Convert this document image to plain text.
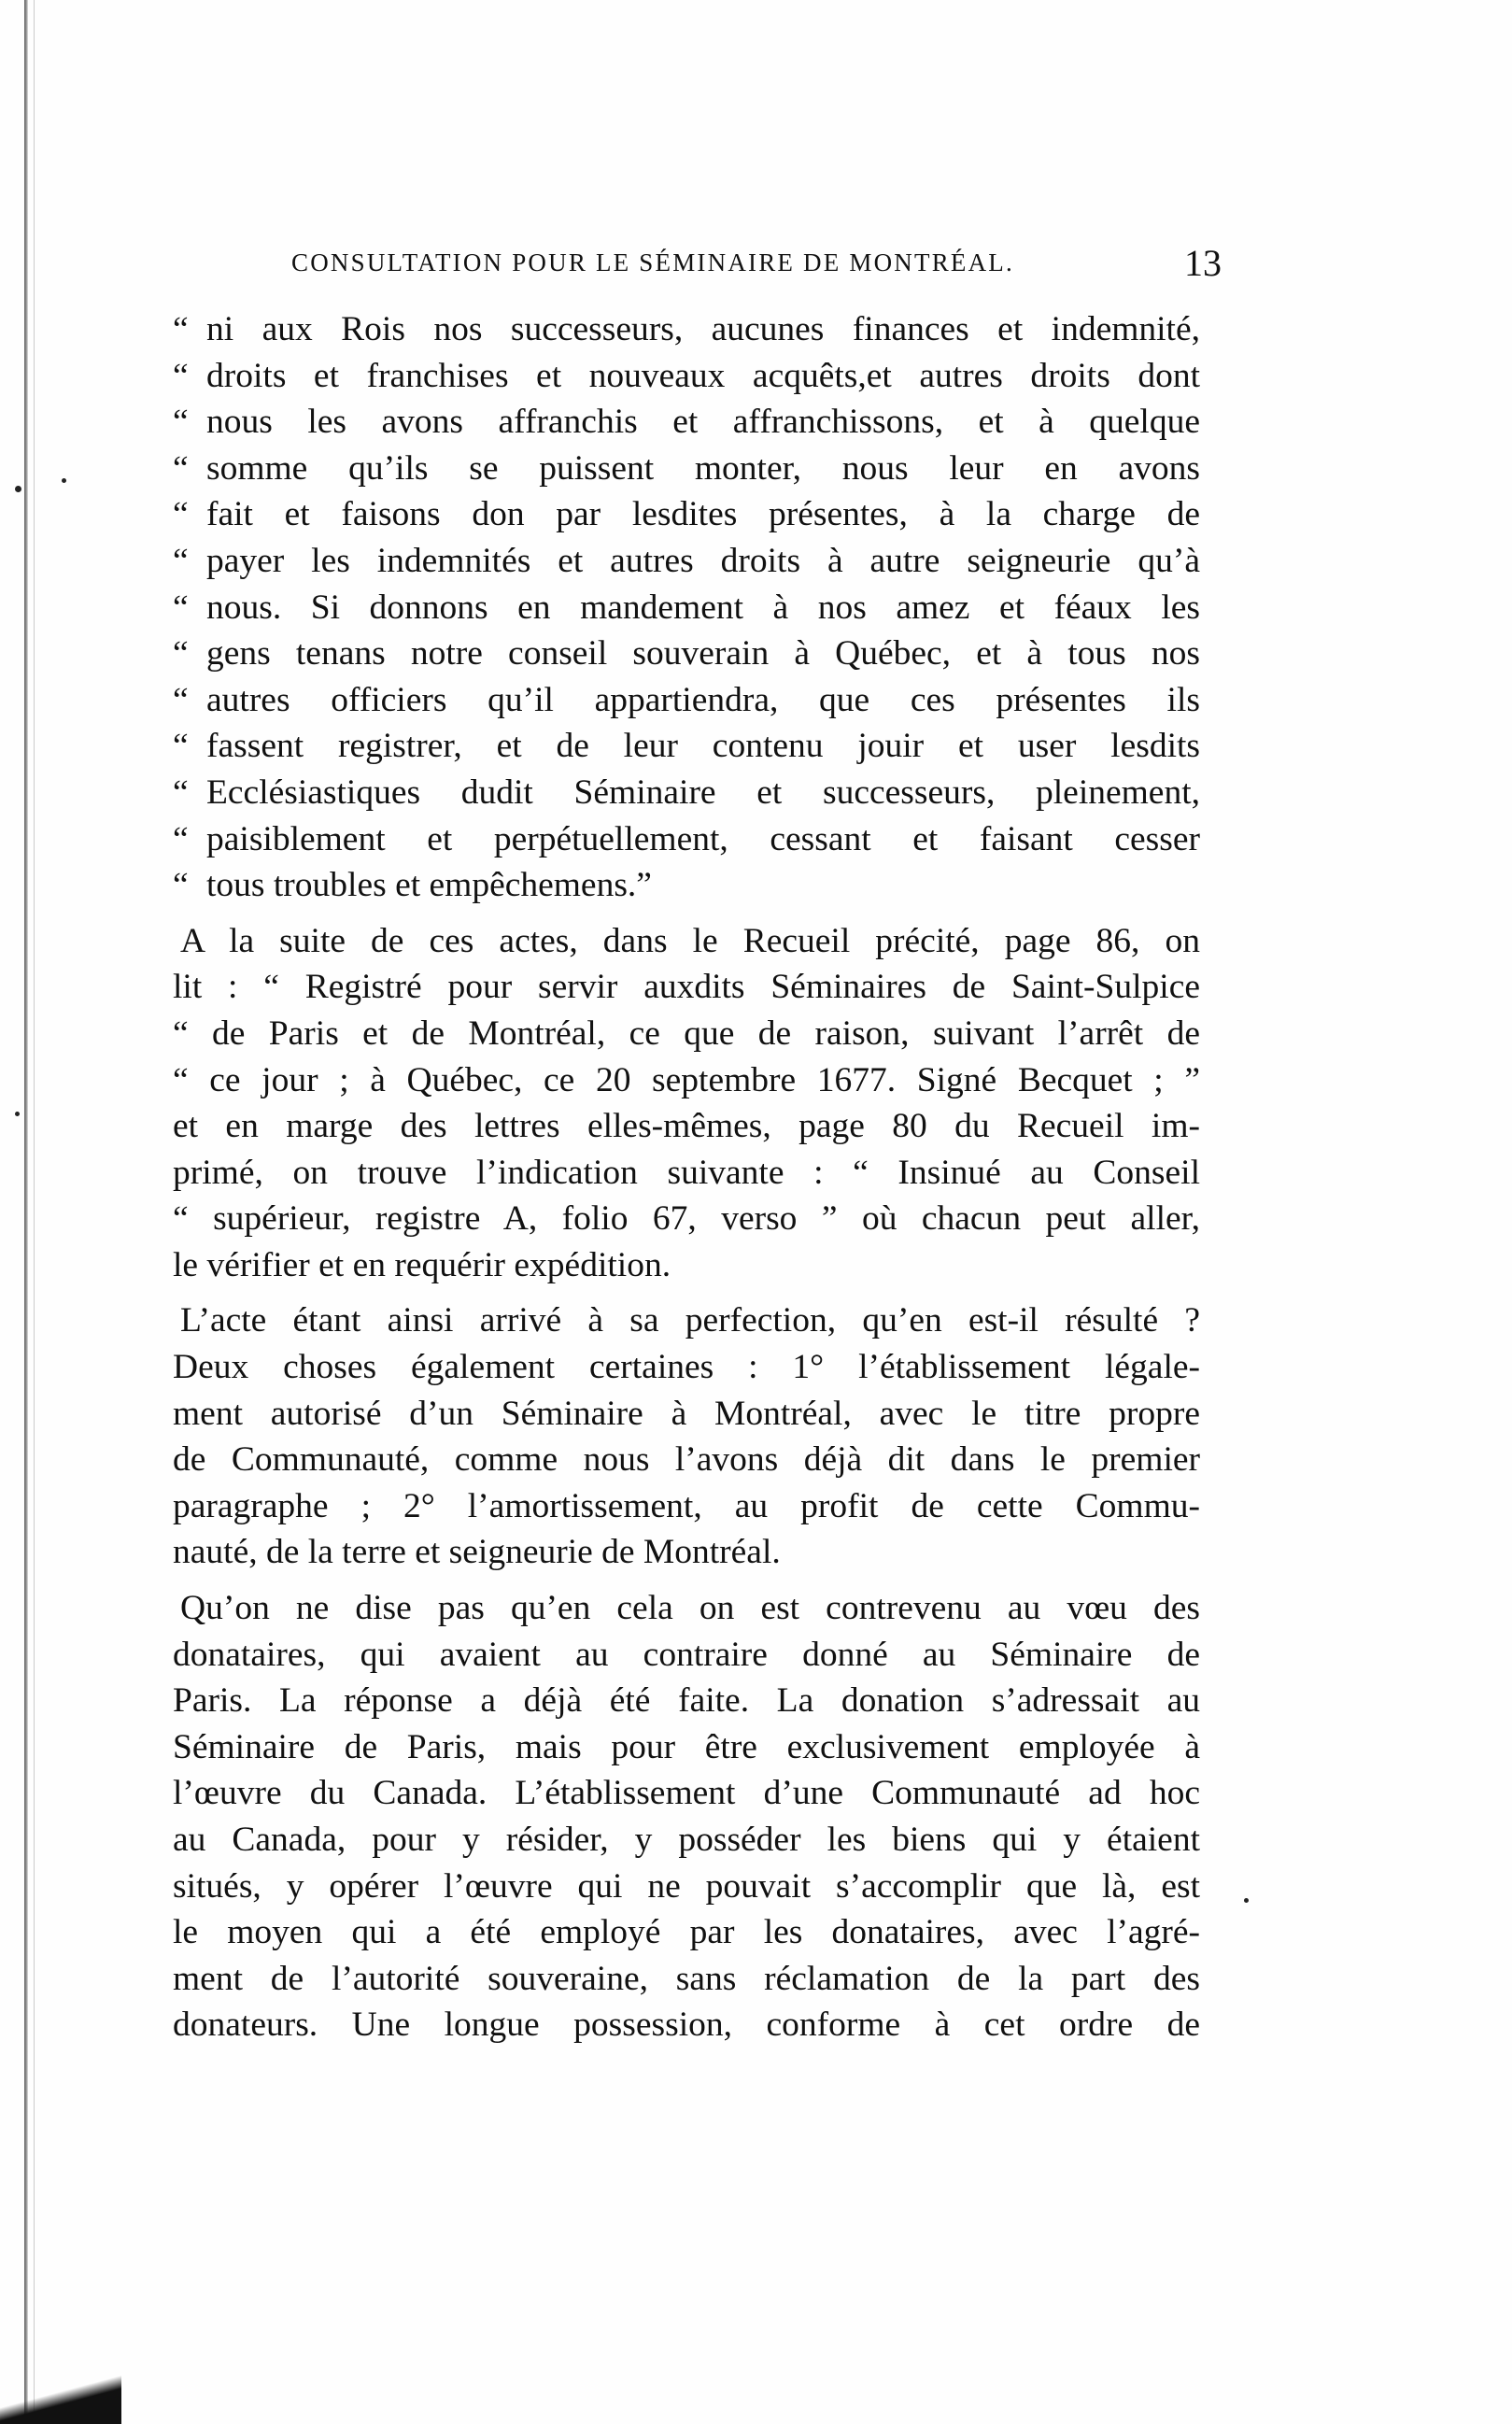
CONSULTATION POUR LE SÉMINAIRE DE MONTRÉAL.	13
“ ni aux Rois nos successeurs, aucunes finances et indemnité,
“ droits et franchises et nouveaux acquêts,et autres droits dont
“ nous les avons affranchis et affranchissons, et à quelque
“ somme qu’ils se puissent monter, nous leur en avons
“ fait et faisons don par lesdites présentes, à la charge de
“ payer les indemnités et autres droits à autre seigneurie qu’à
“ nous. Si donnons en mandement à nos amez et féaux les
“ gens tenans notre conseil souverain à Québec, et à tous nos
“ autres officiers qu’il appartiendra, que ces présentes ils
“ fassent registrer, et de leur contenu jouir et user lesdits
“ Ecclésiastiques dudit Séminaire et successeurs, pleinement,
“ paisiblement et perpétuellement, cessant et faisant cesser
“ tous troubles et empêchemens.”

A la suite de ces actes, dans le Recueil précité, page 86, on
lit : “ Registré pour servir auxdits Séminaires de Saint-Sulpice
“ de Paris et de Montréal, ce que de raison, suivant l’arrêt de
“ ce jour ; à Québec, ce 20 septembre 1677. Signé Becquet ; ”
et en marge des lettres elles-mêmes, page 80 du Recueil im-
primé, on trouve l’indication suivante : “ Insinué au Conseil
“ supérieur, registre A, folio 67, verso ” où chacun peut aller,
le vérifier et en requérir expédition.

L’acte étant ainsi arrivé à sa perfection, qu’en est-il résulté ?
Deux choses également certaines : 1° l’établissement légale-
ment autorisé d’un Séminaire à Montréal, avec le titre propre
de Communauté, comme nous l’avons déjà dit dans le premier
paragraphe ; 2° l’amortissement, au profit de cette Commu-
nauté, de la terre et seigneurie de Montréal.

Qu’on ne dise pas qu’en cela on est contrevenu au vœu des
donataires, qui avaient au contraire donné au Séminaire de
Paris. La réponse a déjà été faite. La donation s’adressait au
Séminaire de Paris, mais pour être exclusivement employée à
l’œuvre du Canada. L’établissement d’une Communauté ad hoc
au Canada, pour y résider, y posséder les biens qui y étaient
situés, y opérer l’œuvre qui ne pouvait s’accomplir que là, est
le moyen qui a été employé par les donataires, avec l’agré-
ment de l’autorité souveraine, sans réclamation de la part des
donateurs. Une longue possession, conforme à cet ordre de
